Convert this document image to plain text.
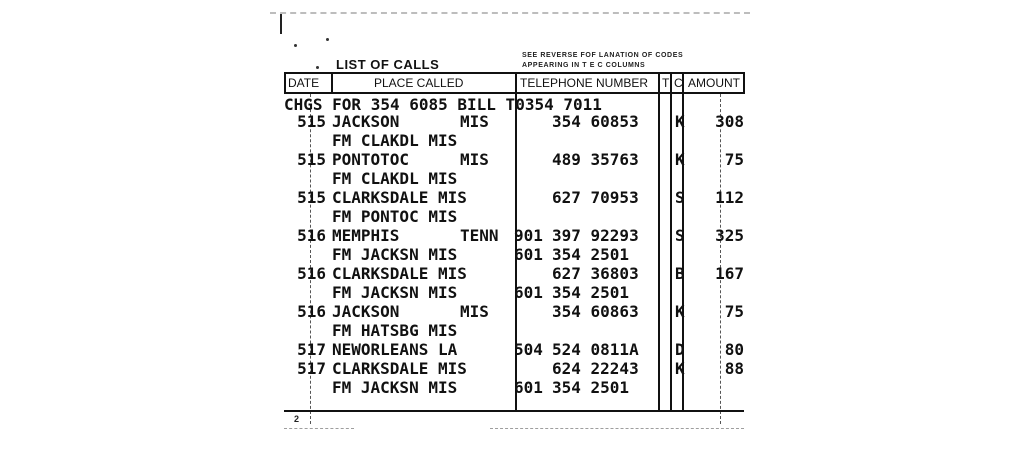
LIST OF CALLS
SEE REVERSE FOF LANATION OF CODES
APPEARING IN T E C COLUMNS
DATE	PLACE CALLED	TELEPHONE NUMBER T C AMOUNT
CHGS FOR 354 6085 BILL T0354 7011
515 JACKSON	MIS	354 60853 K	308
FM CLAKDL MIS
515 PONTOTOC	MIS	489 35763 K	75
FM CLAKDL MIS
515 CLARKSDALE MIS	627 70953 S	112
FM PONTOC MIS
516 MEMPHIS	TENN 901 397 92293 S	325
FM JACKSN MIS	601 354 2501
516 CLARKSDALE MIS	627 36803 B	167
FM JACKSN MIS	601 354 2501
516 JACKSON	MIS	354 60863 K	75
FM HATSBG MIS
517 NEWORLEANS LA	504 524 0811A D	80
517 CLARKSDALE MIS	624 22243 K	88
FM JACKSN MIS	601 354 2501
2
